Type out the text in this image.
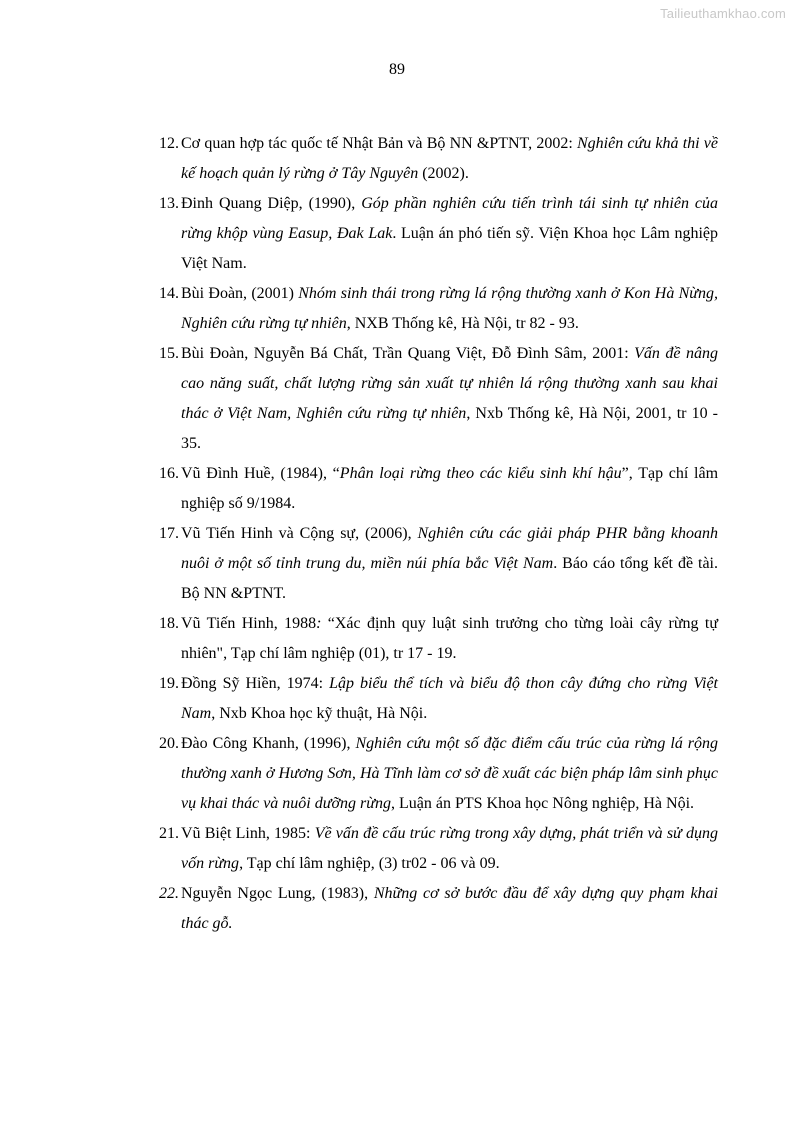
Tailieuthamkhao.com
89
12. Cơ quan hợp tác quốc tế Nhật Bản và Bộ NN &PTNT, 2002: Nghiên cứu khả thi về kế hoạch quản lý rừng ở Tây Nguyên (2002).
13. Đinh Quang Diệp, (1990), Góp phần nghiên cứu tiến trình tái sinh tự nhiên của rừng khộp vùng Easup, Đak Lak. Luận án phó tiến sỹ. Viện Khoa học Lâm nghiệp Việt Nam.
14. Bùi Đoàn, (2001) Nhóm sinh thái trong rừng lá rộng thường xanh ở Kon Hà Nừng, Nghiên cứu rừng tự nhiên, NXB Thống kê, Hà Nội, tr 82 - 93.
15. Bùi Đoàn, Nguyễn Bá Chất, Trần Quang Việt, Đỗ Đình Sâm, 2001: Vấn đề nâng cao năng suất, chất lượng rừng sản xuất tự nhiên lá rộng thường xanh sau khai thác ở Việt Nam, Nghiên cứu rừng tự nhiên, Nxb Thống kê, Hà Nội, 2001, tr 10 - 35.
16. Vũ Đình Huề, (1984), “Phân loại rừng theo các kiểu sinh khí hậu”, Tạp chí lâm nghiệp số 9/1984.
17. Vũ Tiến Hinh và Cộng sự, (2006), Nghiên cứu các giải pháp PHR bằng khoanh nuôi ở một số tỉnh trung du, miền núi phía bắc Việt Nam. Báo cáo tổng kết đề tài. Bộ NN &PTNT.
18. Vũ Tiến Hinh, 1988: “Xác định quy luật sinh trưởng cho từng loài cây rừng tự nhiên", Tạp chí lâm nghiệp (01), tr 17 - 19.
19. Đồng Sỹ Hiền, 1974: Lập biểu thể tích và biểu độ thon cây đứng cho rừng Việt Nam, Nxb Khoa học kỹ thuật, Hà Nội.
20. Đào Công Khanh, (1996), Nghiên cứu một số đặc điểm cấu trúc của rừng lá rộng thường xanh ở Hương Sơn, Hà Tĩnh làm cơ sở đề xuất các biện pháp lâm sinh phục vụ khai thác và nuôi dưỡng rừng, Luận án PTS Khoa học Nông nghiệp, Hà Nội.
21. Vũ Biệt Linh, 1985: Về vấn đề cấu trúc rừng trong xây dựng, phát triển và sử dụng vốn rừng, Tạp chí lâm nghiệp, (3) tr02 - 06 và 09.
22. Nguyễn Ngọc Lung, (1983), Những cơ sở bước đầu để xây dựng quy phạm khai thác gỗ.
